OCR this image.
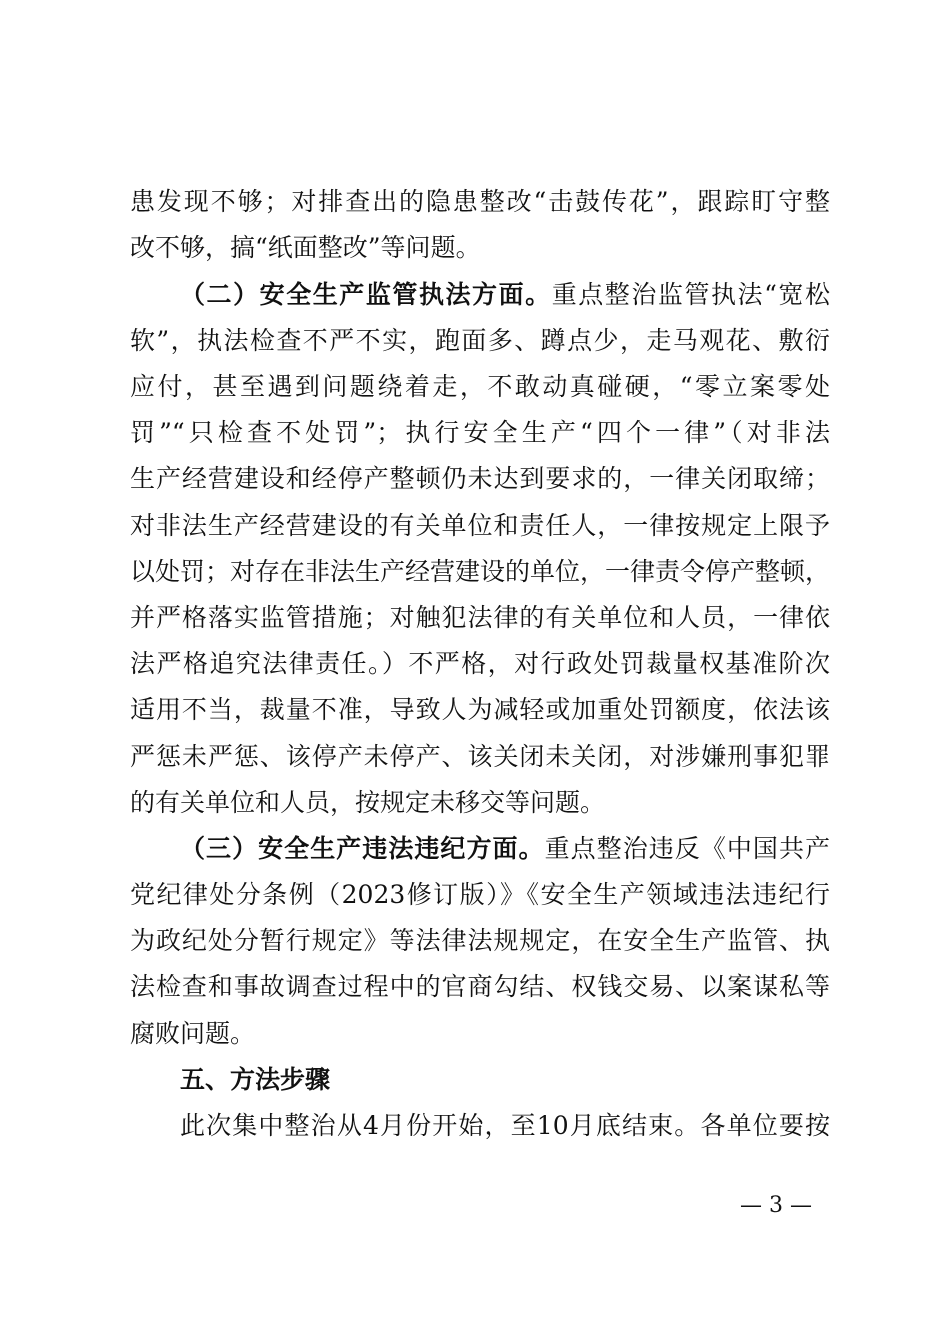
患发现不够；对排查出的隐患整改“击鼓传花”，跟踪盯守整
改不够，搞“纸面整改”等问题。
（二）安全生产监管执法方面。重点整治监管执法“宽松
软”，执法检查不严不实，跑面多、蹲点少，走马观花、敷衍
应付，甚至遇到问题绕着走，不敢动真碰硬，“零立案零处
罚”“只检查不处罚”；执行安全生产“四个一律”（对非法
生产经营建设和经停产整顿仍未达到要求的，一律关闭取缔；
对非法生产经营建设的有关单位和责任人，一律按规定上限予
以处罚；对存在非法生产经营建设的单位，一律责令停产整顿，
并严格落实监管措施；对触犯法律的有关单位和人员，一律依
法严格追究法律责任。）不严格，对行政处罚裁量权基准阶次
适用不当，裁量不准，导致人为减轻或加重处罚额度，依法该
严惩未严惩、该停产未停产、该关闭未关闭，对涉嫌刑事犯罪
的有关单位和人员，按规定未移交等问题。
（三）安全生产违法违纪方面。重点整治违反《中国共产
党纪律处分条例（2023修订版）》《安全生产领域违法违纪行
为政纪处分暂行规定》等法律法规规定，在安全生产监管、执
法检查和事故调查过程中的官商勾结、权钱交易、以案谋私等
腐败问题。
五、方法步骤
此次集中整治从4月份开始，至10月底结束。各单位要按
— 3 —
